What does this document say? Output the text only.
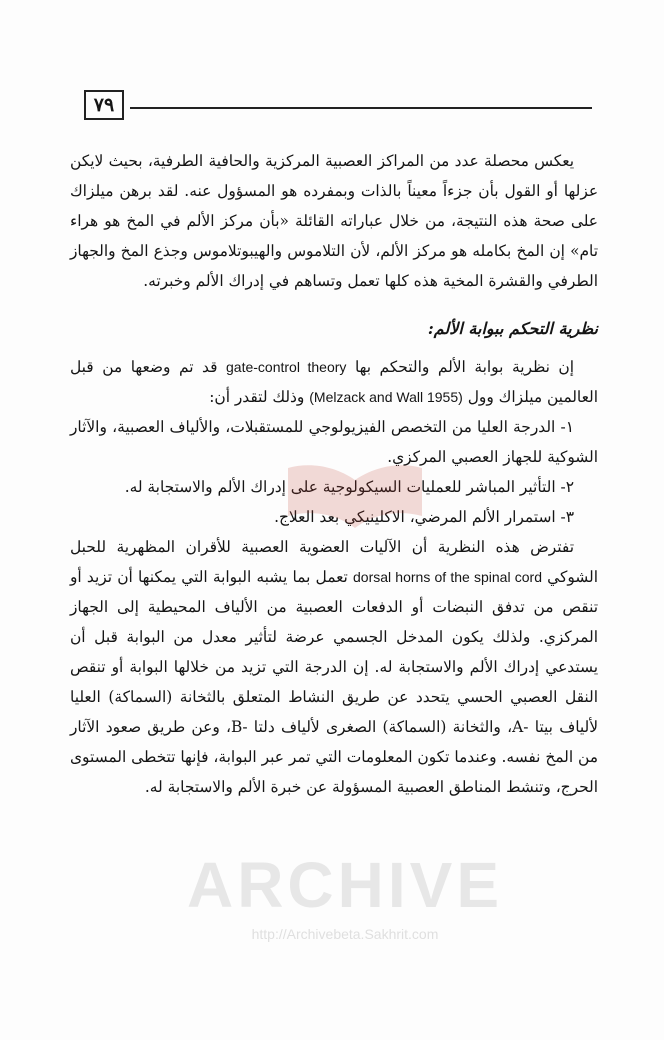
٧٩

يعكس محصلة عدد من المراكز العصبية المركزية والحافية الطرفية، بحيث لايكن عزلها أو القول بأن جزءاً معيناً بالذات وبمفرده هو المسؤول عنه. لقد برهن ميلزاك على صحة هذه النتيجة، من خلال عباراته القائلة «بأن مركز الألم في المخ هو هراء تام» إن المخ بكامله هو مركز الألم، لأن التلاموس والهيبوتلاموس وجذع المخ والجهاز الطرفي والقشرة المخية هذه كلها تعمل وتساهم في إدراك الألم وخبرته.

نظرية التحكم ببوابة الألم:

إن نظرية بوابة الألم والتحكم بها gate-control theory قد تم وضعها من قبل العالمين ميلزاك وول (Melzack and Wall 1955) وذلك لتقدر أن:

١- الدرجة العليا من التخصص الفيزيولوجي للمستقبلات، والألياف العصبية، والآثار الشوكية للجهاز العصبي المركزي.

٢- التأثير المباشر للعمليات السيكولوجية على إدراك الألم والاستجابة له.

٣- استمرار الألم المرضي، الاكلينيكي بعد العلاج.

تفترض هذه النظرية أن الآليات العضوية العصبية للأقران المظهرية للحبل الشوكي dorsal horns of the spinal cord تعمل بما يشبه البوابة التي يمكنها أن تزيد أو تنقص من تدفق النبضات أو الدفعات العصبية من الألياف المحيطية إلى الجهاز المركزي. ولذلك يكون المدخل الجسمي عرضة لتأثير معدل من البوابة قبل أن يستدعي إدراك الألم والاستجابة له. إن الدرجة التي تزيد من خلالها البوابة أو تنقص النقل العصبي الحسي يتحدد عن طريق النشاط المتعلق بالثخانة (السماكة) العليا لألياف بيتا -A، والثخانة (السماكة) الصغرى لألياف دلتا -B، وعن طريق صعود الآثار من المخ نفسه. وعندما تكون المعلومات التي تمر عبر البوابة، فإنها تتخطى المستوى الحرج، وتنشط المناطق العصبية المسؤولة عن خبرة الألم والاستجابة له.

ARCHIVE
http://Archivebeta.Sakhrit.com
